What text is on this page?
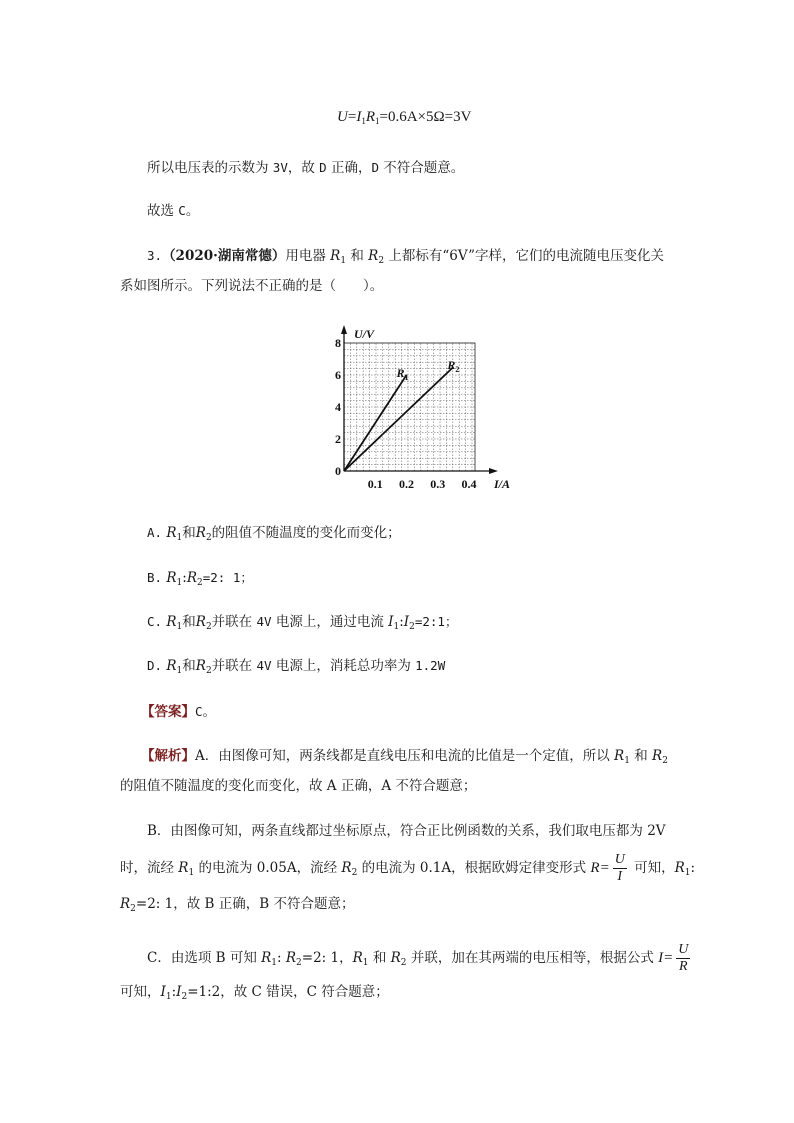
$U=I_1R_1=0.6A\times 5\Omega=3V$
所以电压表的示数为 3V，故 D 正确，D 不符合题意。
故选 C。
3.（2020·湖南常德）用电器 $R_1$ 和 $R_2$ 上都标有“6V”字样，它们的电流随电压变化关
系如图所示。下列说法不正确的是（　　）。
0.1 0.2 0.3 0.4
2
4
6
8
0
U/V
I/A
R 1
R 2
A. $R_1$和$R_2$的阻值不随温度的变化而变化；
B. $R_1:R_2=2$: 1；
C. $R_1$和$R_2$并联在 4V 电源上，通过电流 $I_1:I_2=2:1$；
D. $R_1$和$R_2$并联在 4V 电源上，消耗总功率为 1.2W
【答案】C。
【解析】A．由图像可知，两条线都是直线电压和电流的比值是一个定值，所以 $R_1$ 和 $R_2$
的阻值不随温度的变化而变化，故 A 正确，A 不符合题意；
B．由图像可知，两条直线都过坐标原点，符合正比例函数的关系，我们取电压都为 2V
时，流经 $R_1$ 的电流为 0.05A，流经 $R_2$ 的电流为 0.1A，根据欧姆定律变形式 $R= \frac{U}{I}$ 可知，$R_1$:
$R_2=2$: 1，故 B 正确，B 不符合题意；
C．由选项 B 可知 $R_1$: $R_2=2$: 1，$R_1$ 和 $R_2$ 并联，加在其两端的电压相等，根据公式 $I= \frac{U}{R}$
可知，$I_1:I_2=1:2$，故 C 错误，C 符合题意；
